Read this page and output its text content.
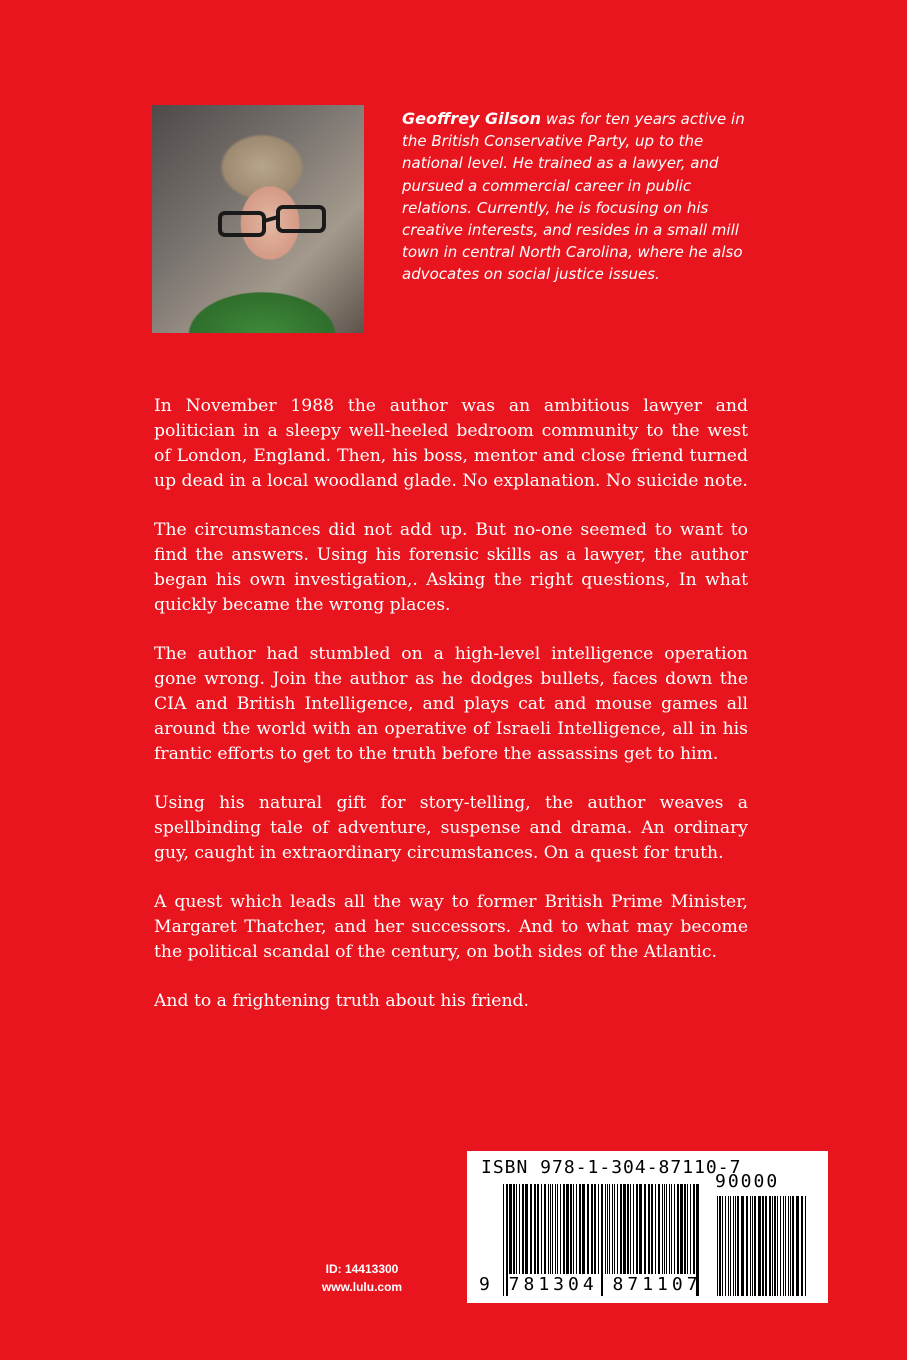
Geoffrey Gilson was for ten years active in the British Conservative Party, up to the national level. He trained as a lawyer, and pursued a commercial career in public relations. Currently, he is focusing on his creative interests, and resides in a small mill town in central North Carolina, where he also advocates on social justice issues.

In November 1988 the author was an ambitious lawyer and politician in a sleepy well-heeled bedroom community to the west of London, England. Then, his boss, mentor and close friend turned up dead in a local woodland glade. No explanation. No suicide note.

The circumstances did not add up. But no-one seemed to want to find the answers. Using his forensic skills as a lawyer, the author began his own investigation,. Asking the right questions, In what quickly became the wrong places.

The author had stumbled on a high-level intelligence operation gone wrong. Join the author as he dodges bullets, faces down the CIA and British Intelligence, and plays cat and mouse games all around the world with an operative of Israeli Intelligence, all in his frantic efforts to get to the truth before the assassins get to him.

Using his natural gift for story-telling, the author weaves a spellbinding tale of adventure, suspense and drama. An ordinary guy, caught in extraordinary circumstances. On a quest for truth.

A quest which leads all the way to former British Prime Minister, Margaret Thatcher, and her successors. And to what may become the political scandal of the century, on both sides of the Atlantic.

And to a frightening truth about his friend.

ID: 14413300
www.lulu.com
ISBN 978-1-304-87110-7
90000
9 781304 871107
